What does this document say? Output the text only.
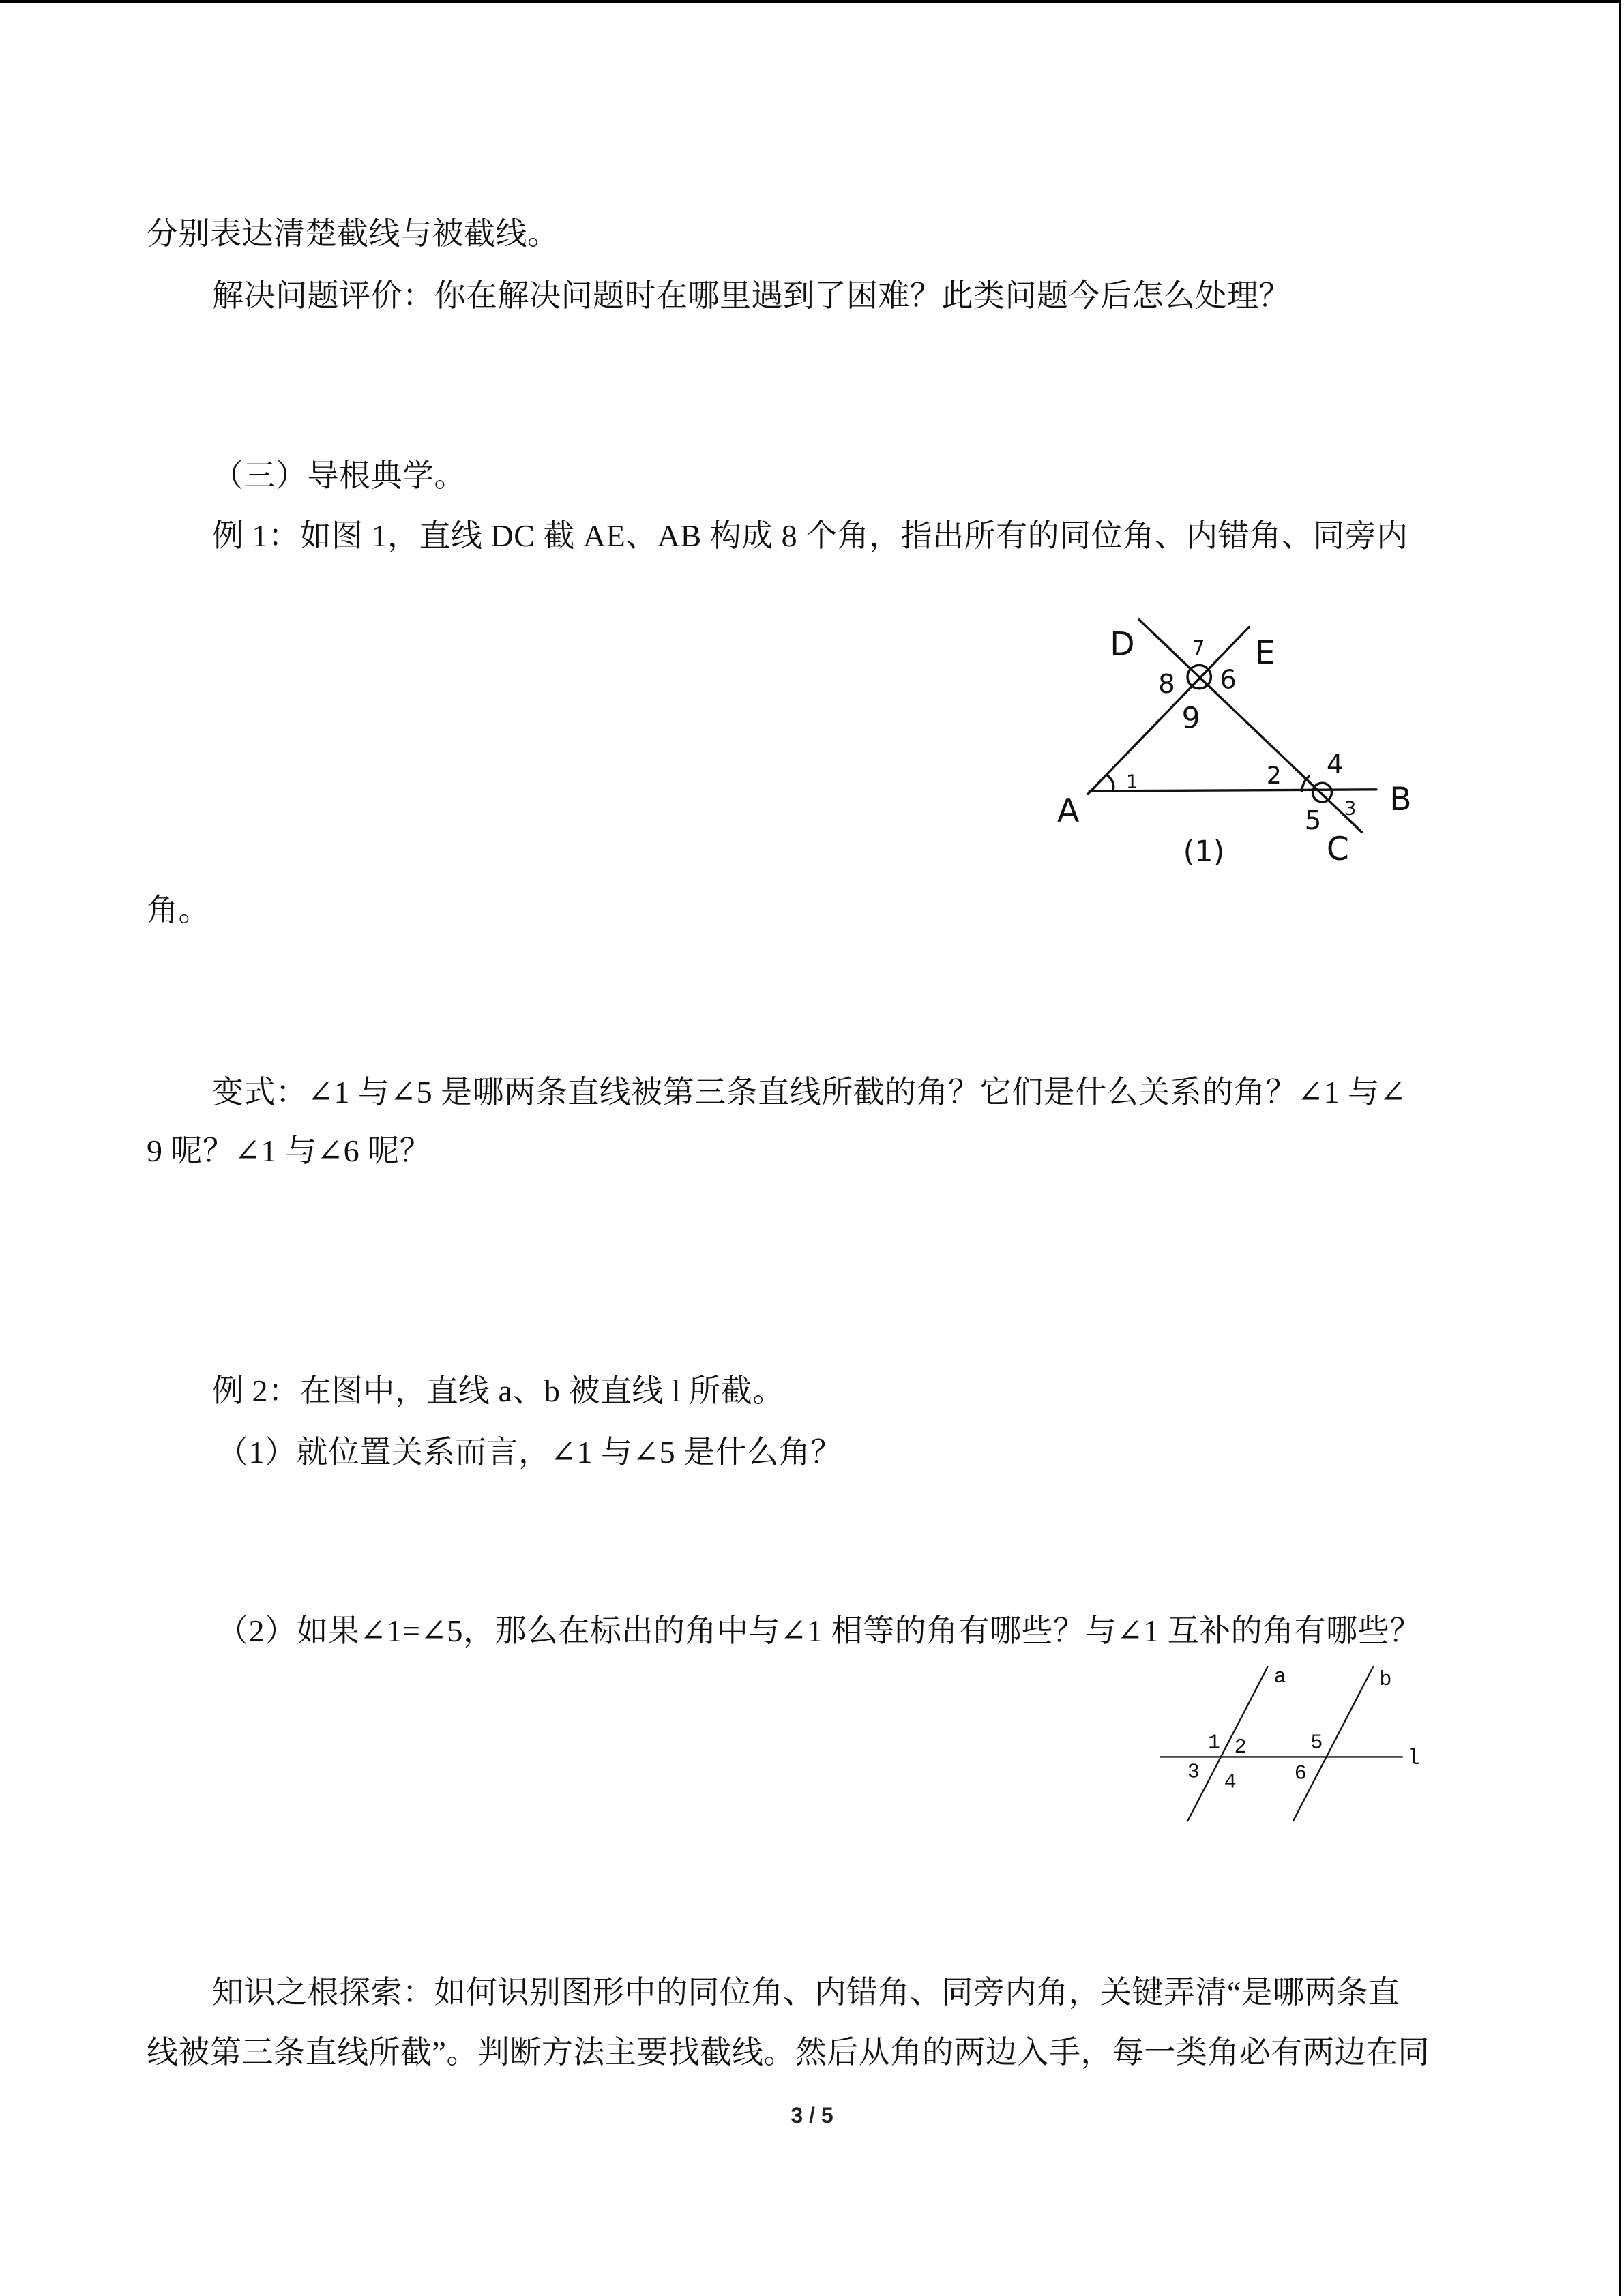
分别表达清楚截线与被截线。
解决问题评价：你在解决问题时在哪里遇到了困难？此类问题今后怎么处理？
（三）导根典学。
例 1：如图 1，直线 DC 截 AE、AB 构成 8 个角，指出所有的同位角、内错角、同旁内
D	7	E
8	6
9
A
1	2	4
B
5	3
C
(1)
角。
变式：∠1 与∠5 是哪两条直线被第三条直线所截的角？它们是什么关系的角？∠1 与∠
9 呢？∠1 与∠6 呢？
例 2：在图中，直线 a、b 被直线 l 所截。
（1）就位置关系而言，∠1 与∠5 是什么角？
（2）如果∠1=∠5，那么在标出的角中与∠1 相等的角有哪些？与∠1 互补的角有哪些？
a	b
l
1 2
3	4
5
6
知识之根探索：如何识别图形中的同位角、内错角、同旁内角，关键弄清“是哪两条直
线被第三条直线所截”。判断方法主要找截线。然后从角的两边入手，每一类角必有两边在同
3 / 5
